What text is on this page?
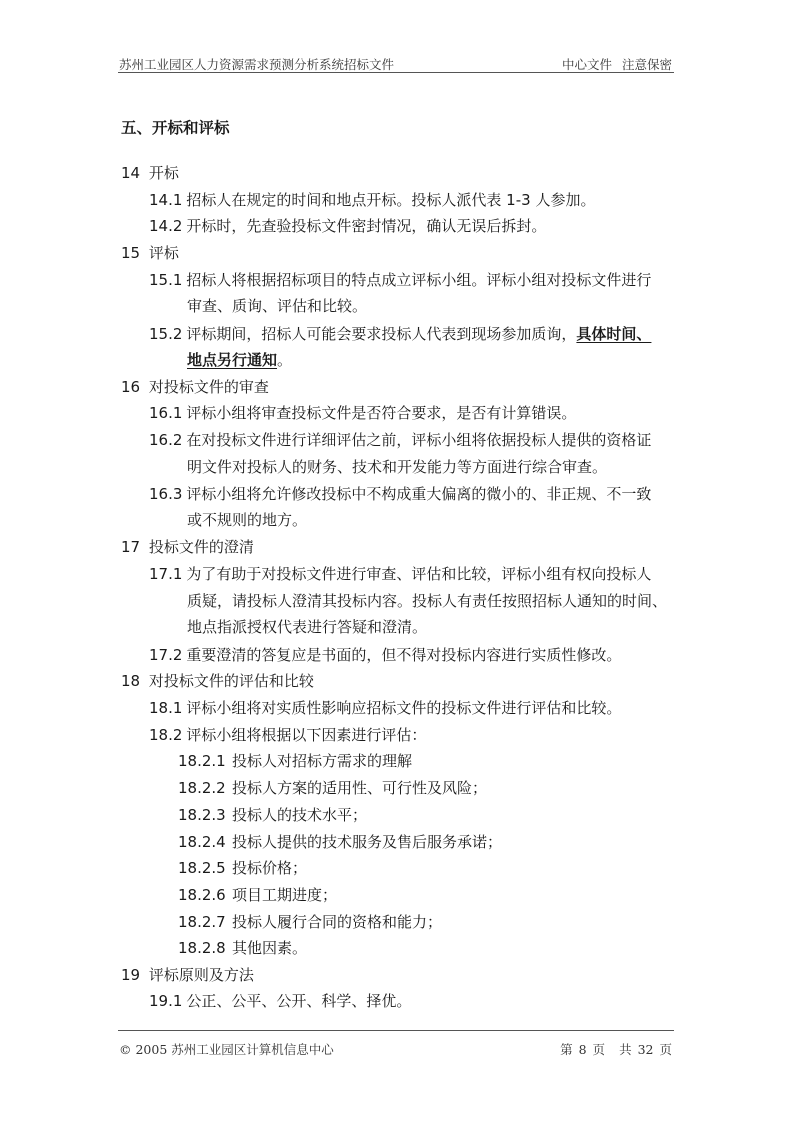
苏州工业园区人力资源需求预测分析系统招标文件	中心文件 注意保密
五、开标和评标
14 开标
14.1 招标人在规定的时间和地点开标。投标人派代表 1-3 人参加。
14.2 开标时，先查验投标文件密封情况，确认无误后拆封。
15 评标
15.1 招标人将根据招标项目的特点成立评标小组。评标小组对投标文件进行
审查、质询、评估和比较。
15.2 评标期间，招标人可能会要求投标人代表到现场参加质询，具体时间、
地点另行通知。
16 对投标文件的审查
16.1 评标小组将审查投标文件是否符合要求，是否有计算错误。
16.2 在对投标文件进行详细评估之前，评标小组将依据投标人提供的资格证
明文件对投标人的财务、技术和开发能力等方面进行综合审查。
16.3 评标小组将允许修改投标中不构成重大偏离的微小的、非正规、不一致
或不规则的地方。
17 投标文件的澄清
17.1 为了有助于对投标文件进行审查、评估和比较，评标小组有权向投标人
质疑，请投标人澄清其投标内容。投标人有责任按照招标人通知的时间、
地点指派授权代表进行答疑和澄清。
17.2 重要澄清的答复应是书面的，但不得对投标内容进行实质性修改。
18 对投标文件的评估和比较
18.1 评标小组将对实质性影响应招标文件的投标文件进行评估和比较。
18.2 评标小组将根据以下因素进行评估：
18.2.1 投标人对招标方需求的理解
18.2.2 投标人方案的适用性、可行性及风险；
18.2.3 投标人的技术水平；
18.2.4 投标人提供的技术服务及售后服务承诺；
18.2.5 投标价格；
18.2.6 项目工期进度；
18.2.7 投标人履行合同的资格和能力；
18.2.8 其他因素。
19 评标原则及方法
19.1 公正、公平、公开、科学、择优。
© 2005 苏州工业园区计算机信息中心	第 8 页 共 32 页
